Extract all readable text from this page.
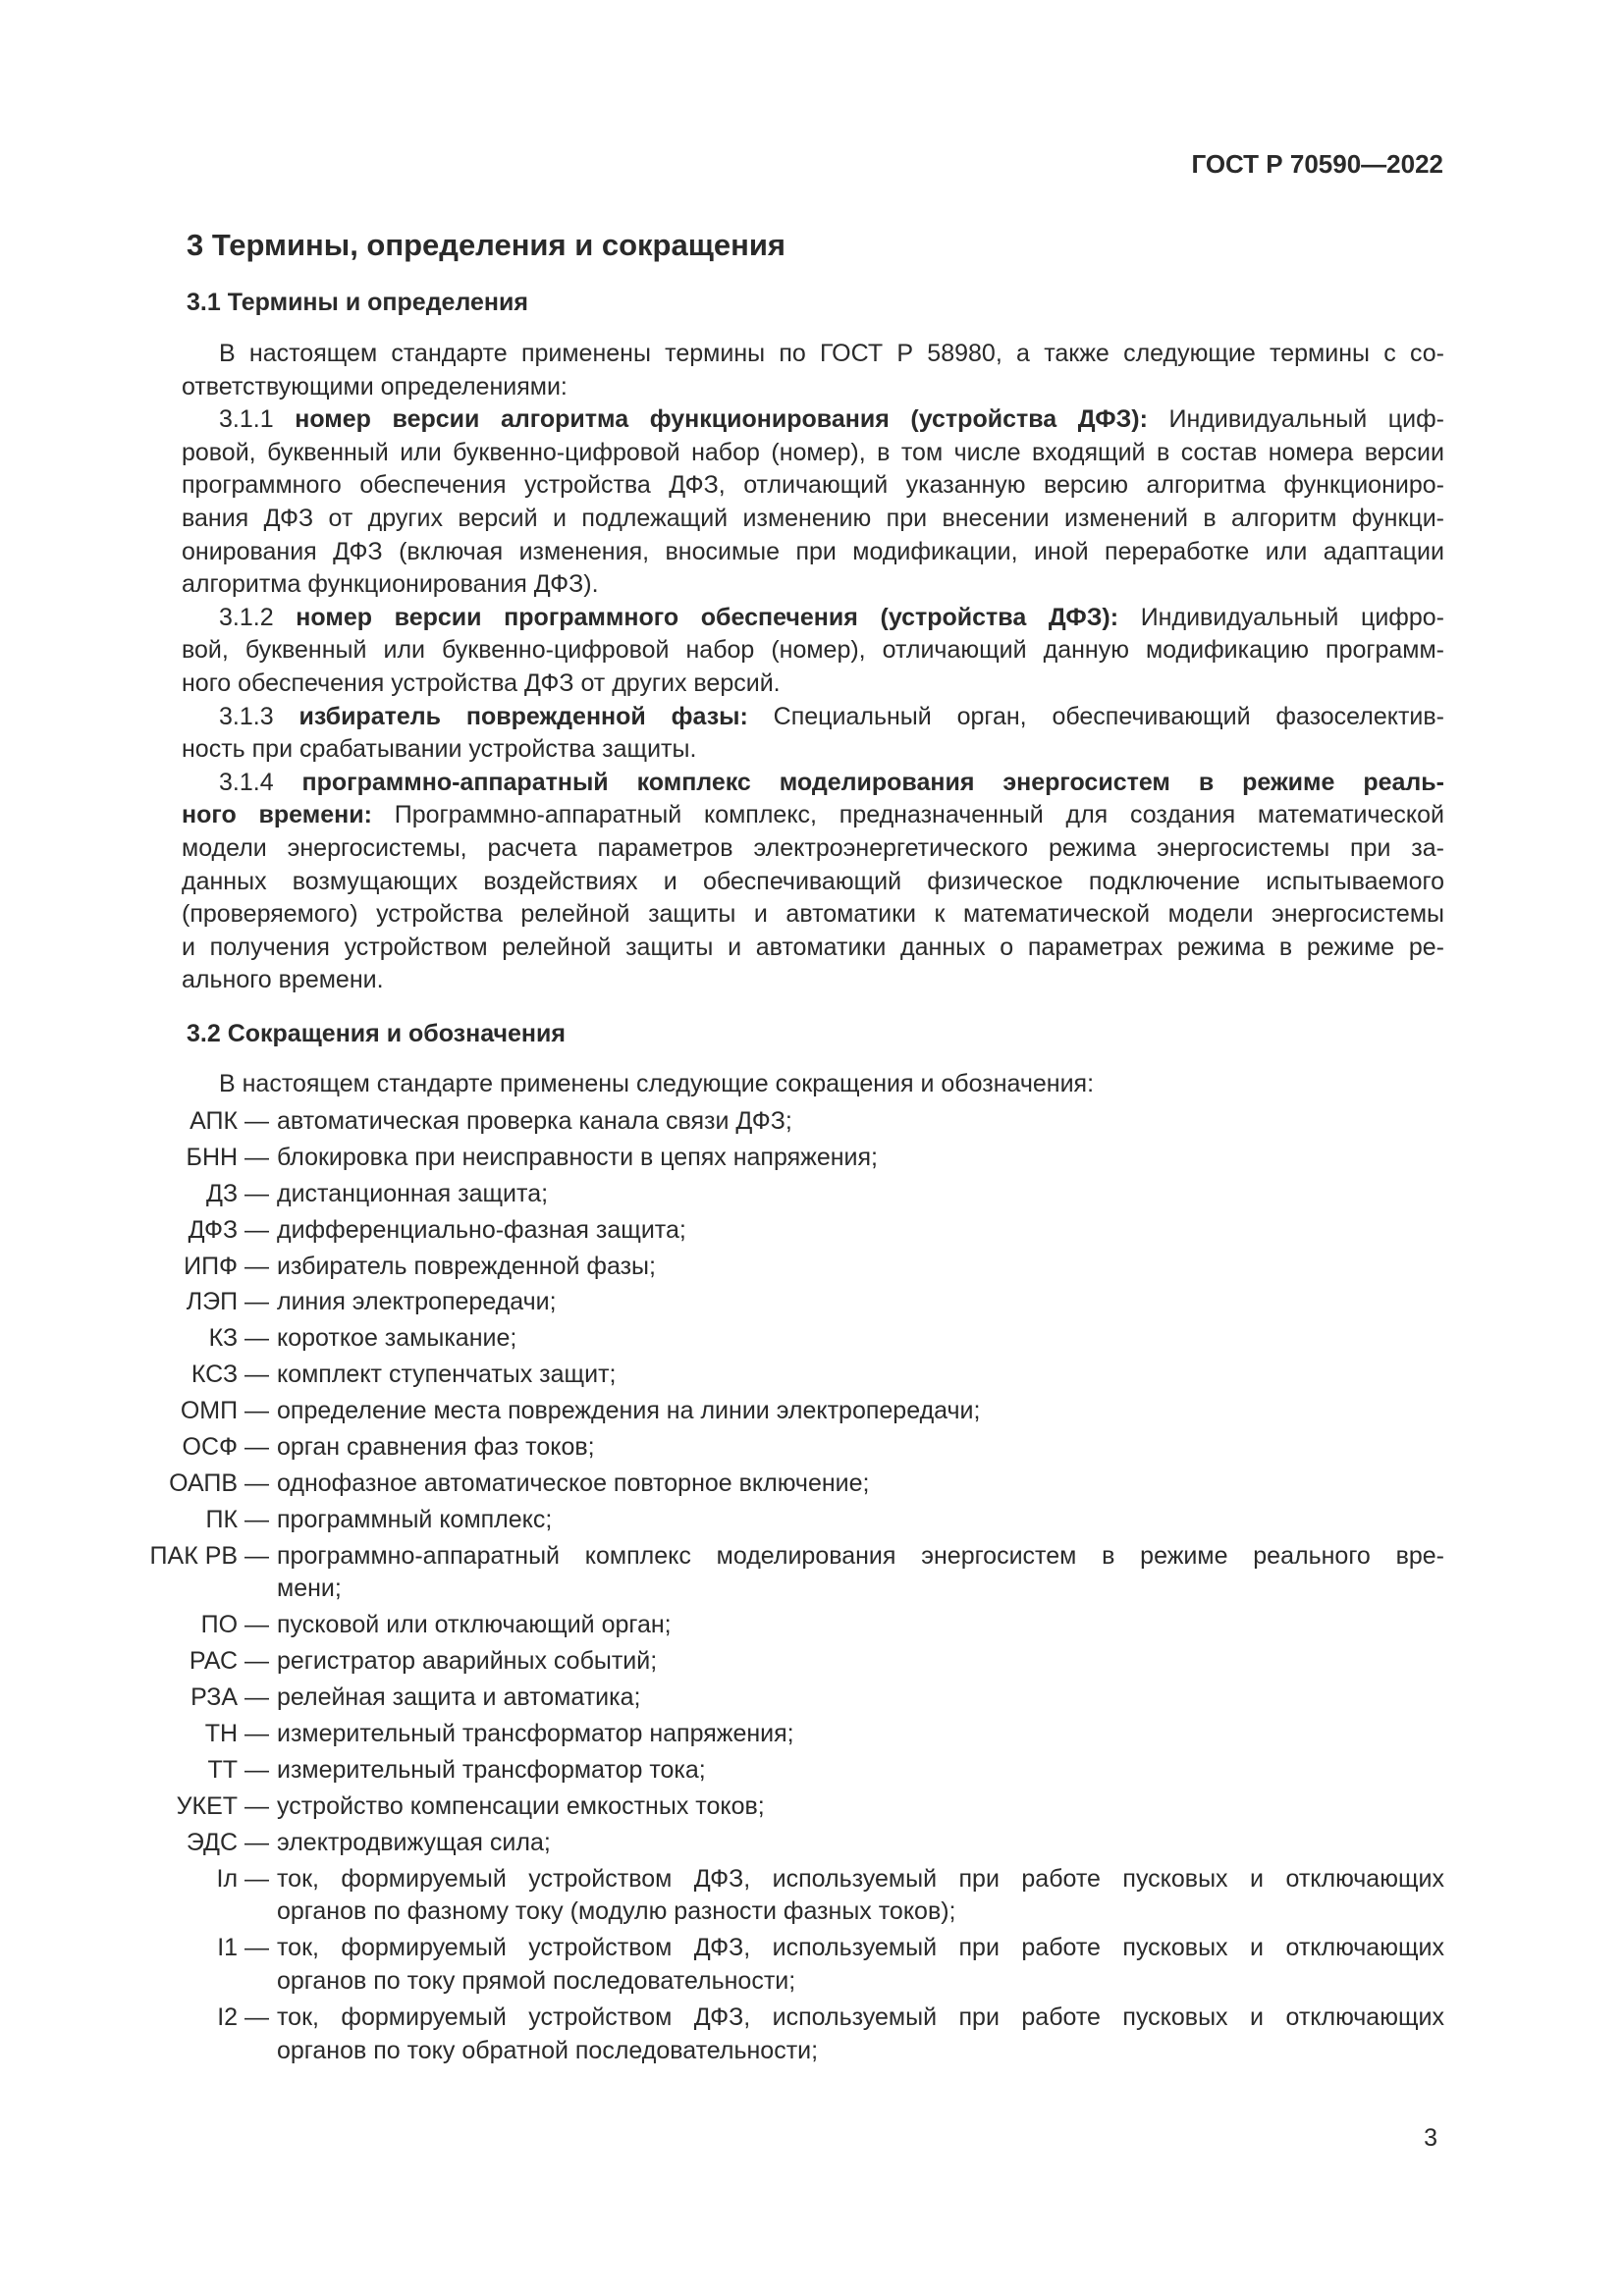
ГОСТ Р 70590—2022
3 Термины, определения и сокращения
3.1 Термины и определения
В настоящем стандарте применены термины по ГОСТ Р 58980, а также следующие термины с со-
ответствующими определениями:
3.1.1 номер версии алгоритма функционирования (устройства ДФЗ): Индивидуальный циф-
ровой, буквенный или буквенно-цифровой набор (номер), в том числе входящий в состав номера версии
программного обеспечения устройства ДФЗ, отличающий указанную версию алгоритма функциониро-
вания ДФЗ от других версий и подлежащий изменению при внесении изменений в алгоритм функци-
онирования ДФЗ (включая изменения, вносимые при модификации, иной переработке или адаптации
алгоритма функционирования ДФЗ).
3.1.2 номер версии программного обеспечения (устройства ДФЗ): Индивидуальный цифро-
вой, буквенный или буквенно-цифровой набор (номер), отличающий данную модификацию программ-
ного обеспечения устройства ДФЗ от других версий.
3.1.3 избиратель поврежденной фазы: Специальный орган, обеспечивающий фазоселектив-
ность при срабатывании устройства защиты.
3.1.4 программно-аппаратный комплекс моделирования энергосистем в режиме реаль-
ного времени: Программно-аппаратный комплекс, предназначенный для создания математической
модели энергосистемы, расчета параметров электроэнергетического режима энергосистемы при за-
данных возмущающих воздействиях и обеспечивающий физическое подключение испытываемого
(проверяемого) устройства релейной защиты и автоматики к математической модели энергосистемы
и получения устройством релейной защиты и автоматики данных о параметрах режима в режиме ре-
ального времени.
3.2 Сокращения и обозначения
В настоящем стандарте применены следующие сокращения и обозначения:
АПК — автоматическая проверка канала связи ДФЗ;
БНН — блокировка при неисправности в цепях напряжения;
ДЗ — дистанционная защита;
ДФЗ — дифференциально-фазная защита;
ИПФ — избиратель поврежденной фазы;
ЛЭП — линия электропередачи;
КЗ — короткое замыкание;
КСЗ — комплект ступенчатых защит;
ОМП — определение места повреждения на линии электропередачи;
ОСФ — орган сравнения фаз токов;
ОАПВ — однофазное автоматическое повторное включение;
ПК — программный комплекс;
ПАК РВ — программно-аппаратный комплекс моделирования энергосистем в режиме реального вре-
мени;
ПО — пусковой или отключающий орган;
РАС — регистратор аварийных событий;
РЗА — релейная защита и автоматика;
ТН — измерительный трансформатор напряжения;
ТТ — измерительный трансформатор тока;
УКЕТ — устройство компенсации емкостных токов;
ЭДС — электродвижущая сила;
Iл — ток, формируемый устройством ДФЗ, используемый при работе пусковых и отключающих
органов по фазному току (модулю разности фазных токов);
I1 — ток, формируемый устройством ДФЗ, используемый при работе пусковых и отключающих
органов по току прямой последовательности;
I2 — ток, формируемый устройством ДФЗ, используемый при работе пусковых и отключающих
органов по току обратной последовательности;
3
